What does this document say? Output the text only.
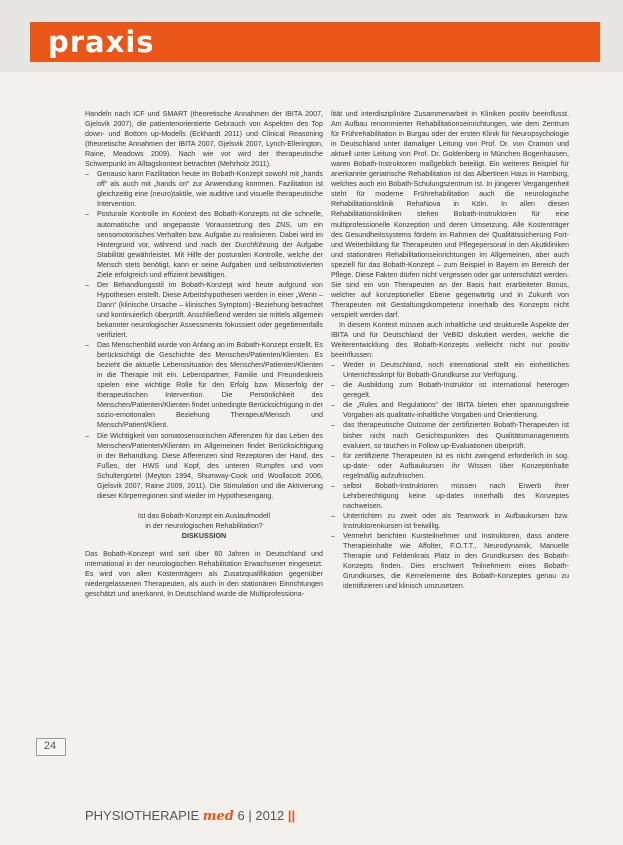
praxis

Handeln nach ICF und SMART (theoretische Annahmen der IBITA 2007, Gjelsvik 2007), die patientenorientierte Gebrauch von Aspekten des Top down- und Bottom up-Modells (Eckhardt 2011) und Clinical Reasoning (theoretische Annahmen der IBITA 2007, Gjelsvik 2007, Lynch-Ellerington, Raine, Meadows 2009). Nach wie vor wird der therapeutische Schwerpunkt im Alltagskontext betrachtet (Mehrholz 2011).

– Genauso kann Fazilitation heute im Bobath-Konzept sowohl mit „hands off“ als auch mit „hands on“ zur Anwendung kommen. Fazilitation ist gleichzeitig eine (neuro)taktile, wie auditive und visuelle therapeutische Intervention.
– Posturale Kontrolle im Kontext des Bobath-Konzepts ist die schnelle, automatische und angepasste Voraussetzung des ZNS, um ein sensomotorisches Verhalten bzw. Aufgabe zu realisieren. Dabei wird im Hintergrund vor, während und nach der Durchführung der Aufgabe Stabilität gewährleistet. Mit Hilfe der posturalen Kontrolle, welche der Mensch stets benötigt, kann er seine Aufgaben und selbstmotivierten Ziele erfolgreich und effizient bewältigen.
– Der Behandlungsstil im Bobath-Konzept wird heute aufgrund von Hypothesen erstellt. Diese Arbeitshypothesen werden in einer „Wenn – Dann“ (klinische Ursache – klinisches Symptom) -Beziehung betrachtet und kontinuierlich überprüft. Anschließend werden sie mittels allgemein bekannter neurologischer Assessments fokussiert oder gegebenenfalls verifiziert.
– Das Menschenbild wurde von Anfang an im Bobath-Konzept erstellt. Es berücksichtigt die Geschichte des Menschen/Patienten/Klienten. Es bezieht die aktuelle Lebenssituation des Menschen/Patienten/Klienten in die Therapie mit ein. Lebenspartner, Familie und Freundeskreis spielen eine wichtige Rolle für den Erfolg bzw. Misserfolg der therapeutischen Intervention. Die Persönlichkeit des Menschen/Patienten/Klienten findet unbedingte Berücksichtigung in der sozio-emotionalen Beziehung Therapeut/Mensch und Mensch/Patient/Klient.
– Die Wichtigkeit von somatosensorischen Afferenzen für das Leben des Menschen/Patienten/Klienten im Allgemeinen findet Berücksichtigung in der Behandlung. Diese Afferenzen sind Rezeptoren der Hand, des Fußes, der HWS und Kopf, des unteren Rumpfes und vom Schultergürtel (Meyton 1994, Shumway-Cook und Woollacott 2006, Gjelsvik 2007, Raine 2009, 2011). Die Stimulation und die Aktivierung dieser Körperregionen sind wieder im Hypothesengang.
Ist das Bobath-Konzept ein Auslaufmodell
in der neurologischen Rehabilitation?
DISKUSSION

Das Bobath-Konzept wird seit über 60 Jahren in Deutschland und international in der neurologischen Rehabilitation Erwachsener eingesetzt. Es wird von allen Kostenträgern als Zusatzqualifikation gegenüber niedergelassenen Therapeuten, als auch in den stationären Einrichtungen geschätzt und anerkannt. In Deutschland wurde die Multiprofessiona-

lität und interdisziplinäre Zusammenarbeit in Kliniken positiv beeinflusst. Am Aufbau renommierter Rehabilitationseinrichtungen, wie dem Zentrum für Frührehabilitation in Burgau oder der ersten Klinik für Neuropsychologie in Deutschland unter damaliger Leitung von Prof. Dr. von Cramon und aktuell unter Leitung von Prof. Dr. Goldenberg in München Bogenhausen, waren Bobath-Instruktoren maßgeblich beteiligt. Ein weiteres Beispiel für anerkannte geriatrische Rehabilitation ist das Albertinen Haus in Hamburg, welches auch ein Bobath-Schulungszentrum ist. In jüngerer Vergangenheit steht für moderne Frührehabilitation auch die neurologische Rehabilitationsklinik RehaNova in Köln. In allen diesen Rehabilitationskliniken stehen Bobath-Instruktoren für eine multiprofessionelle Konzeption und deren Umsetzung. Alle Kostenträger des Gesundheitssystems fördern im Rahmen der Qualitätssicherung Fort- und Weiterbildung für Therapeuten und Pflegepersonal in den Akutkliniken und stationären Rehabilitationseinrichtungen im Allgemeinen, aber auch speziell für das Bobath-Konzept – zum Beispiel in Bayern im Bereich der Pflege. Diese Fakten dürfen nicht vergessen oder gar unterschätzt werden. Sie sind ein von Therapeuten an der Basis hart erarbeiteter Bonus, welcher auf konzeptioneller Ebene gegenwärtig und in Zukunft von Therapeuten mit Gestaltungskompetenz innerhalb des Konzepts nicht verspielt werden darf.

In diesem Kontext müssen auch inhaltliche und strukturelle Aspekte der IBITA und für Deutschland der VeBID diskutiert werden, welche die Weiterentwicklung des Bobath-Konzepts vielleicht nicht nur positiv beeinflussen:

– Weder in Deutschland, noch international stellt ein einheitliches Unterrichtsskript für Bobath-Grundkurse zur Verfügung.
– die Ausbildung zum Bobath-Instruktor ist international heterogen geregelt.
– die „Rules and Regulations“ der IBITA bieten eher spannungsfreie Vorgaben als qualitativ-inhaltliche Vorgaben und Orientierung.
– das therapeutische Outcome der zertifizierten Bobath-Therapeuten ist bisher nicht nach Gesichtspunkten des Qualitätsmanagements evaluiert, so tauchen in Follow up-Evaluationen überprüft.
– für zertifizierte Therapeuten ist es nicht zwingend erforderlich in sog. up-date- oder Aufbaukursen ihr Wissen über Konzeptinhalte regelmäßig aufzufrischen.
– selbst Bobath-Instruktoren müssen nach Erwerb ihrer Lehrberechtigung keine up-dates innerhalb des Konzeptes nachweisen.
– Unterrichten zu zweit oder als Teamwork in Aufbaukursen bzw. Instruktorenkursen ist freiwillig.
– Vermehrt berichten Kursteilnehmer und Instruktoren, dass andere Therapieinhalte wie Affolter, F.O.T.T., Neurodynamik, Manuelle Therapie und Feldenkrais Platz in den Grundkursen des Bobath-Konzepts finden. Dies erschwert Teilnehmern eines Bobath-Grundkurses, die Kernelemente des Bobath-Konzeptes genau zu identifizieren und klinisch umzusetzen.
24
PHYSIOTHERAPIE med 6 | 2012 ||
